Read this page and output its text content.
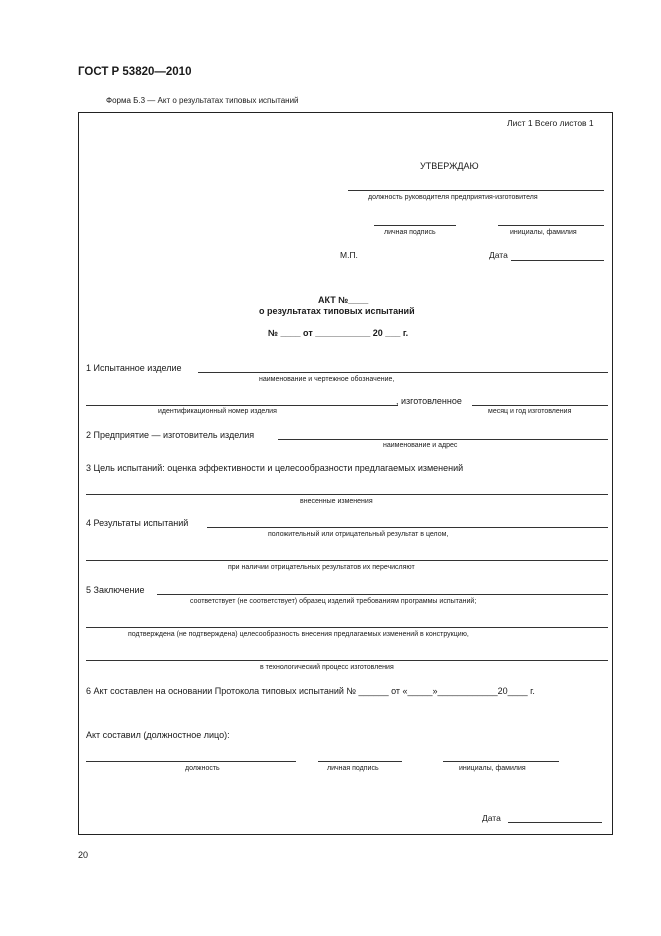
ГОСТ Р 53820—2010
Форма Б.3 — Акт о результатах типовых испытаний
Лист 1 Всего листов 1
УТВЕРЖДАЮ
должность руководителя предприятия-изготовителя
личная подпись	инициалы, фамилия
М.П.	Дата
АКТ №____
о результатах типовых испытаний
№ ____ от ___________ 20 ___ г.
1 Испытанное изделие
наименование и чертежное обозначение,
, изготовленное
идентификационный номер изделия	месяц и год изготовления
2 Предприятие — изготовитель изделия
наименование и адрес
3 Цель испытаний: оценка эффективности и целесообразности предлагаемых изменений
внесенные изменения
4 Результаты испытаний
положительный или отрицательный результат в целом,
при наличии отрицательных результатов их перечисляют
5 Заключение
соответствует (не соответствует) образец изделий требованиям программы испытаний;
подтверждена (не подтверждена) целесообразность внесения предлагаемых изменений в конструкцию,
в технологический процесс изготовления
6 Акт составлен на основании Протокола типовых испытаний № ______ от «_____»____________20____ г.
Акт составил (должностное лицо):
должность	личная подпись	инициалы, фамилия
Дата
20
